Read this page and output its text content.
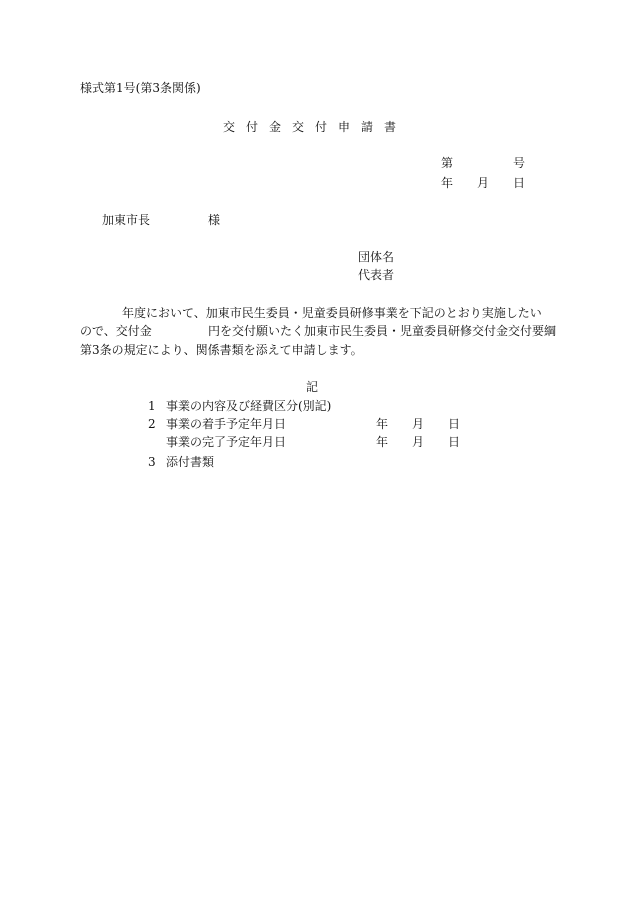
様式第1号(第3条関係)
交付金交付申請書
第	号
年 月 日
加東市長	様
団体名
代表者
年度において、加東市民生委員・児童委員研修事業を下記のとおり実施したい
ので、交付金	円を交付願いたく加東市民生委員・児童委員研修交付金交付要綱
第3条の規定により、関係書類を添えて申請します。
記
1 事業の内容及び経費区分(別記)
2 事業の着手予定年月日	年 月 日
事業の完了予定年月日	年 月 日
3 添付書類
